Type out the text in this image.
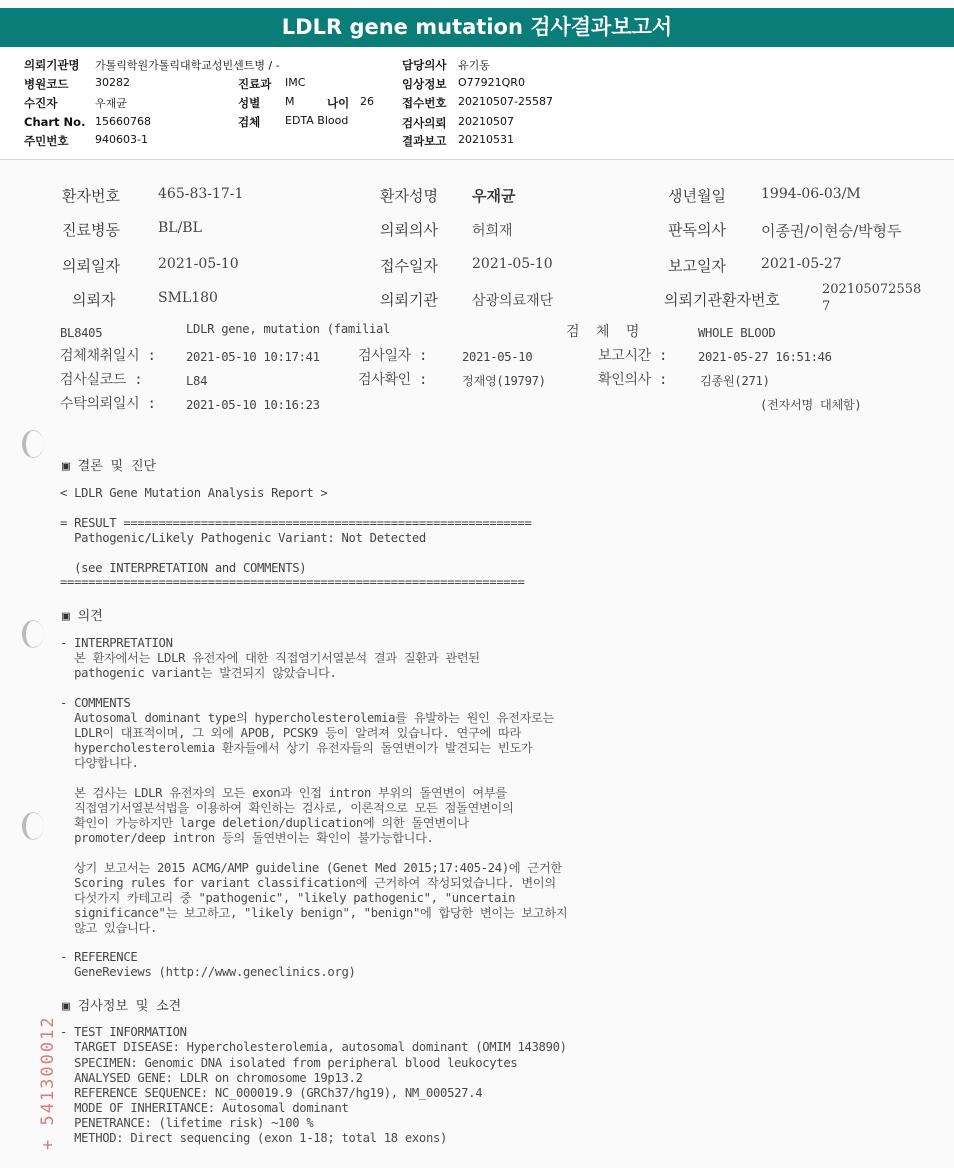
LDLR gene mutation 검사결과보고서
의뢰기관명 가톨릭학원가톨릭대학교성빈센트병 / -
병원코드 30282
수진자	우재균
Chart No. 15660768
주민번호 940603-1
진료과 IMC
성별 M	나이 26
검체 EDTA Blood
담당의사 유기동
임상정보 O77921QR0
접수번호 20210507-25587
검사의뢰 20210507
결과보고 20210531
환자번호	465-83-17-1	환자성명 우재균	생년월일	1994-06-03/M
진료병동	BL/BL	의뢰의사 허희재	판독의사 이종권/이현승/박형두
의뢰일자	2021-05-10	접수일자 2021-05-10	보고일자	2021-05-27
의뢰자	SML180	의뢰기관 삼광의료재단	의뢰기관환자번호
202105072558
7
BL8405	LDLR gene, mutation (familial	검 체 명	WHOLE BLOOD
검체채취일시 : 2021-05-10 10:17:41	검사일자 :	2021-05-10	보고시간 :	2021-05-27 16:51:46
검사실코드 :	L84	검사확인 :	정재영(19797)	확인의사 :	김종원(271)
수탁의뢰일시 : 2021-05-10 10:16:23	(전자서명 대체함)
▣ 결론 및 진단
< LDLR Gene Mutation Analysis Report >
= RESULT ==========================================================
Pathogenic/Likely Pathogenic Variant: Not Detected
(see INTERPRETATION and COMMENTS)
==================================================================
▣ 의견
- INTERPRETATION
본 환자에서는 LDLR 유전자에 대한 직접염기서열분석 결과 질환과 관련된
pathogenic variant는 발견되지 않았습니다.
- COMMENTS
Autosomal dominant type의 hypercholesterolemia를 유발하는 원인 유전자로는
LDLR이 대표적이며, 그 외에 APOB, PCSK9 등이 알려져 있습니다. 연구에 따라
hypercholesterolemia 환자들에서 상기 유전자들의 돌연변이가 발견되는 빈도가
다양합니다.
본 검사는 LDLR 유전자의 모든 exon과 인접 intron 부위의 돌연변이 여부를
직접염기서열분석법을 이용하여 확인하는 검사로, 이론적으로 모든 점돌연변이의
확인이 가능하지만 large deletion/duplication에 의한 돌연변이나
promoter/deep intron 등의 돌연변이는 확인이 불가능합니다.
상기 보고서는 2015 ACMG/AMP guideline (Genet Med 2015;17:405-24)에 근거한
Scoring rules for variant classification에 근거하여 작성되었습니다. 변이의
다섯가지 카테고리 중 "pathogenic", "likely pathogenic", "uncertain
significance"는 보고하고, "likely benign", "benign"에 합당한 변이는 보고하지
않고 있습니다.
- REFERENCE
GeneReviews (http://www.geneclinics.org)
▣ 검사정보 및 소견
- TEST INFORMATION
TARGET DISEASE: Hypercholesterolemia, autosomal dominant (OMIM 143890)
SPECIMEN: Genomic DNA isolated from peripheral blood leukocytes
ANALYSED GENE: LDLR on chromosome 19p13.2
REFERENCE SEQUENCE: NC_000019.9 (GRCh37/hg19), NM_000527.4
MODE OF INHERITANCE: Autosomal dominant
PENETRANCE: (lifetime risk) ~100 %
METHOD: Direct sequencing (exon 1-18; total 18 exons)
+ 541300012
